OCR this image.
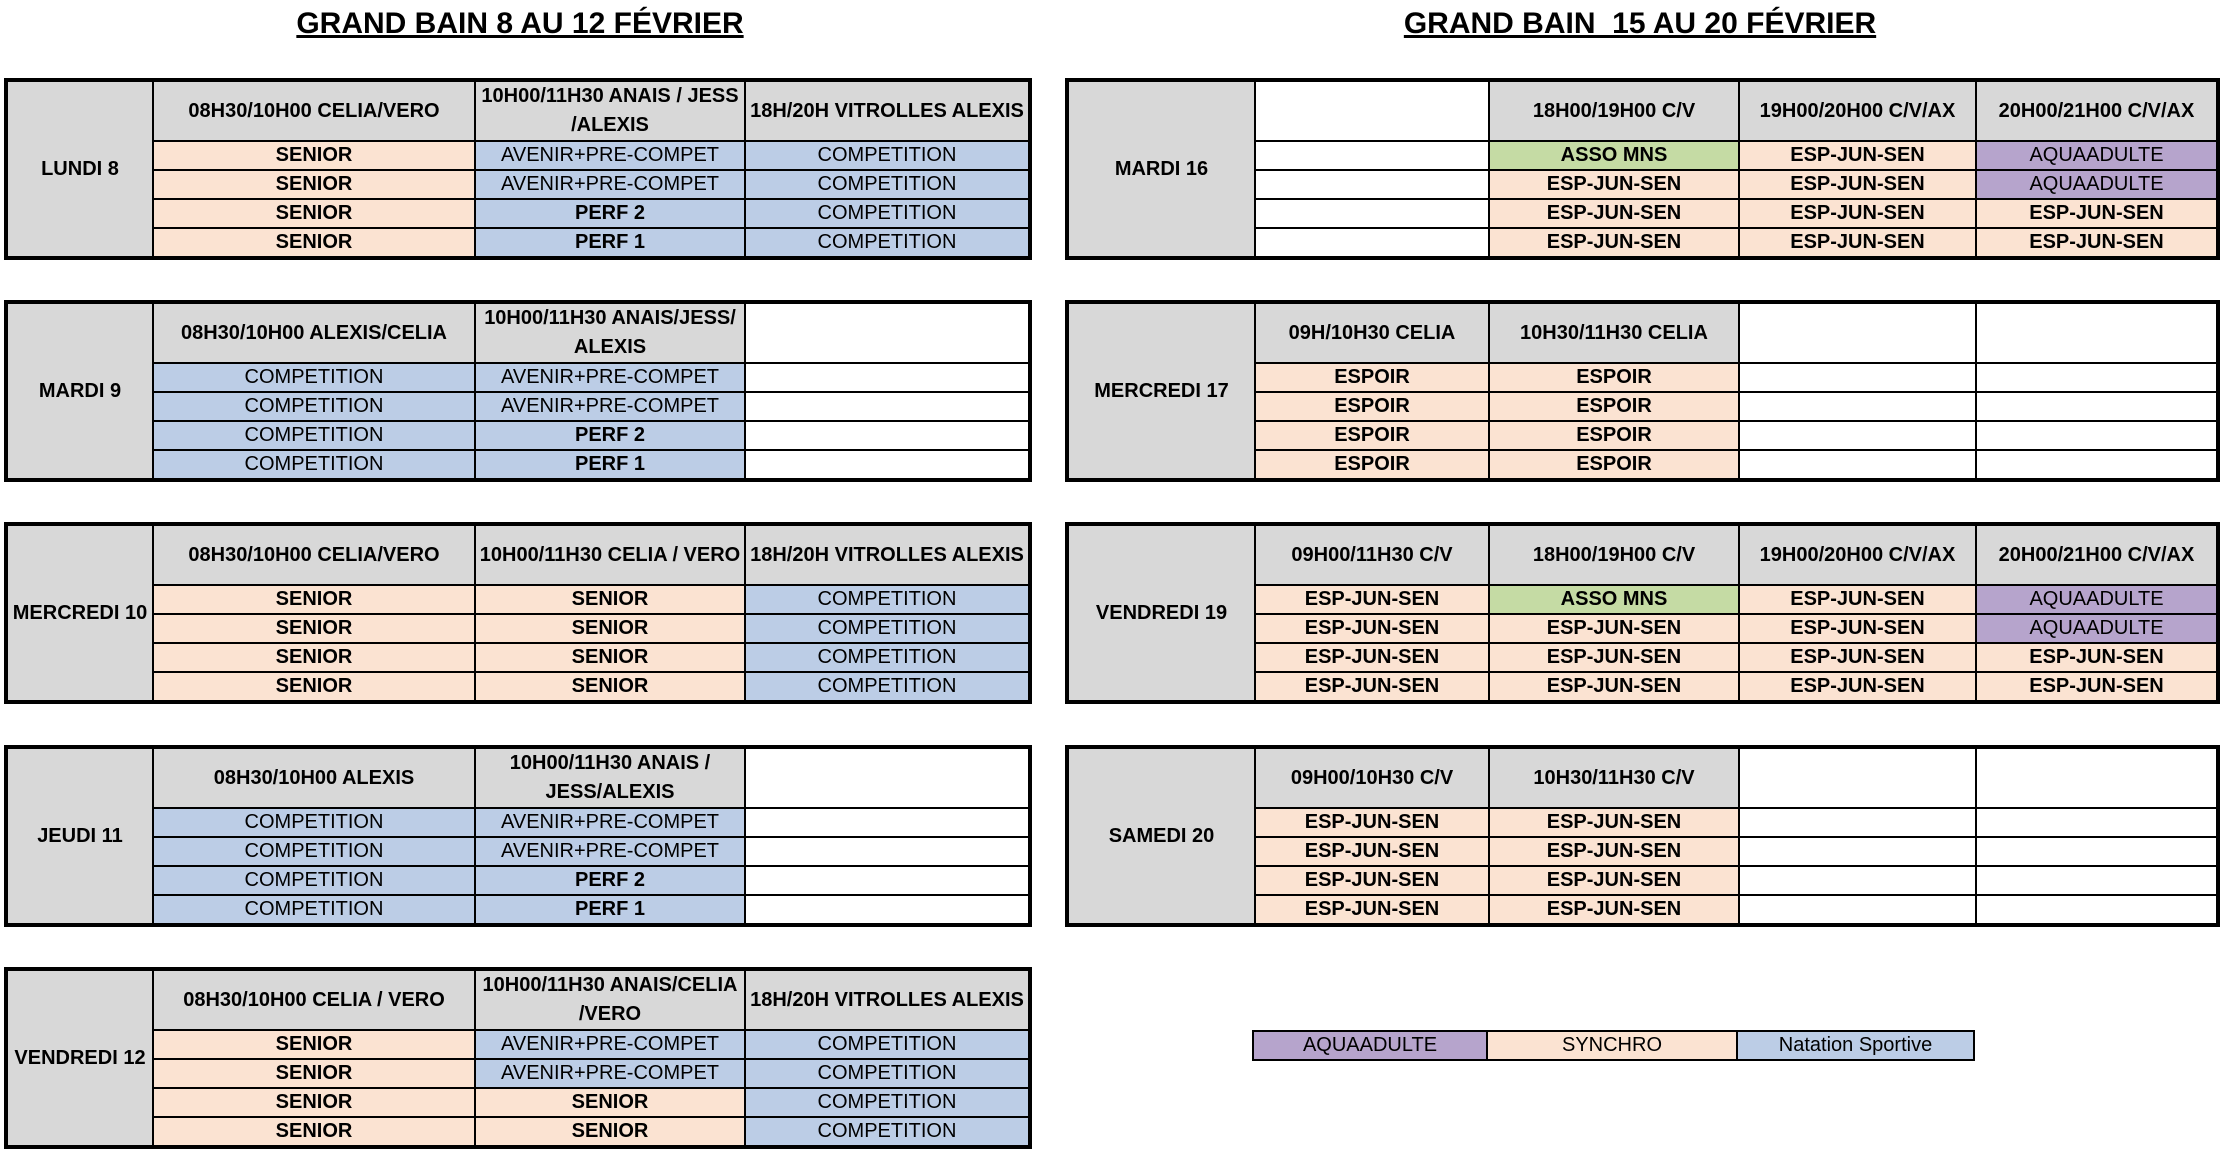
GRAND BAIN 8 AU 12 FÉVRIER	GRAND BAIN  15 AU 20 FÉVRIER
LUNDI 8	08H30/10H00 CELIA/VERO	10H00/11H30 ANAIS / JESS /ALEXIS	18H/20H VITROLLES ALEXIS
	SENIOR	AVENIR+PRE-COMPET	COMPETITION
	SENIOR	AVENIR+PRE-COMPET	COMPETITION
	SENIOR	PERF 2	COMPETITION
	SENIOR	PERF 1	COMPETITION
MARDI 9	08H30/10H00 ALEXIS/CELIA	10H00/11H30 ANAIS/JESS/ ALEXIS	
	COMPETITION	AVENIR+PRE-COMPET	
	COMPETITION	AVENIR+PRE-COMPET	
	COMPETITION	PERF 2	
	COMPETITION	PERF 1	
MERCREDI 10	08H30/10H00 CELIA/VERO	10H00/11H30 CELIA / VERO	18H/20H VITROLLES ALEXIS
	SENIOR	SENIOR	COMPETITION
	SENIOR	SENIOR	COMPETITION
	SENIOR	SENIOR	COMPETITION
	SENIOR	SENIOR	COMPETITION
JEUDI 11	08H30/10H00 ALEXIS	10H00/11H30 ANAIS / JESS/ALEXIS	
	COMPETITION	AVENIR+PRE-COMPET	
	COMPETITION	AVENIR+PRE-COMPET	
	COMPETITION	PERF 2	
	COMPETITION	PERF 1	
VENDREDI 12	08H30/10H00 CELIA / VERO	10H00/11H30 ANAIS/CELIA /VERO	18H/20H VITROLLES ALEXIS
	SENIOR	AVENIR+PRE-COMPET	COMPETITION
	SENIOR	AVENIR+PRE-COMPET	COMPETITION
	SENIOR	SENIOR	COMPETITION
	SENIOR	SENIOR	COMPETITION
MARDI 16		18H00/19H00 C/V	19H00/20H00 C/V/AX	20H00/21H00 C/V/AX
		ASSO MNS	ESP-JUN-SEN	AQUAADULTE
		ESP-JUN-SEN	ESP-JUN-SEN	AQUAADULTE
		ESP-JUN-SEN	ESP-JUN-SEN	ESP-JUN-SEN
		ESP-JUN-SEN	ESP-JUN-SEN	ESP-JUN-SEN
MERCREDI 17	09H/10H30 CELIA	10H30/11H30 CELIA		
	ESPOIR	ESPOIR		
	ESPOIR	ESPOIR		
	ESPOIR	ESPOIR		
	ESPOIR	ESPOIR		
VENDREDI 19	09H00/11H30 C/V	18H00/19H00 C/V	19H00/20H00 C/V/AX	20H00/21H00 C/V/AX
	ESP-JUN-SEN	ASSO MNS	ESP-JUN-SEN	AQUAADULTE
	ESP-JUN-SEN	ESP-JUN-SEN	ESP-JUN-SEN	AQUAADULTE
	ESP-JUN-SEN	ESP-JUN-SEN	ESP-JUN-SEN	ESP-JUN-SEN
	ESP-JUN-SEN	ESP-JUN-SEN	ESP-JUN-SEN	ESP-JUN-SEN
SAMEDI 20	09H00/10H30 C/V	10H30/11H30 C/V		
	ESP-JUN-SEN	ESP-JUN-SEN		
	ESP-JUN-SEN	ESP-JUN-SEN		
	ESP-JUN-SEN	ESP-JUN-SEN		
	ESP-JUN-SEN	ESP-JUN-SEN		
AQUAADULTE	SYNCHRO	Natation Sportive
